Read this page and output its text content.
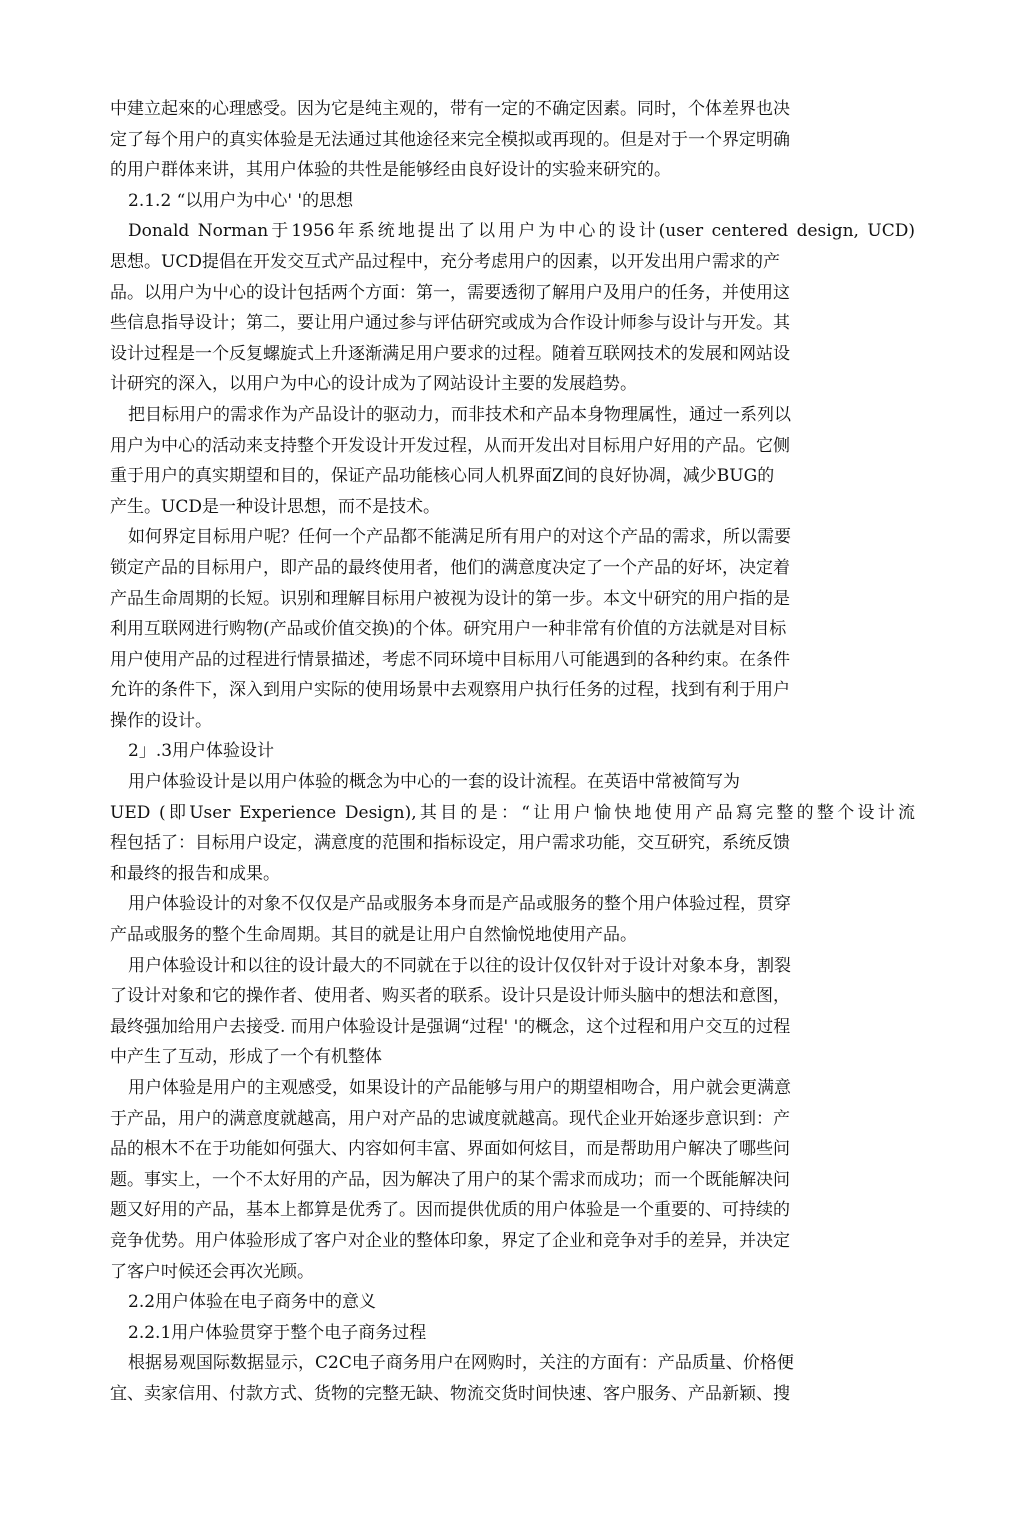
中建立起來的心理感受。因为它是纯主观的，带有一定的不确定因素。同时，个体差界也决
定了每个用户的真实体验是无法通过其他途径来完全模拟或再现的。但是对于一个界定明确
的用户群体来讲，其用户体验的共性是能够经由良好设计的实验来研究的。
2.1.2 “以用户为中心' '的思想
Donald Norman于1956年系统地提出了以用户为中心的设计(user centered design, UCD)
思想。UCD提倡在开发交互式产品过程中，充分考虑用户的因素，以开发出用户需求的产
品。以用户为屮心的设计包括两个方面：第一，需要透彻了解用户及用户的任务，并使用这
些信息指导设计；第二，要让用户通过参与评估研究或成为合作设计师参与设计与开发。其
设计过程是一个反复螺旋式上升逐渐满足用户要求的过程。随着互联网技术的发展和网站设
计研究的深入，以用户为中心的设计成为了网站设计主要的发展趋势。
把目标用户的需求作为产品设计的驱动力，而非技术和产品本身物理属性，通过一系列以
用户为中心的活动来支持整个开发设计开发过程，从而开发出对目标用户好用的产品。它侧
重于用户的真实期望和目的，保证产品功能核心同人机界面Z间的良好协凋，减少BUG的
产生。UCD是一种设计思想，而不是技术。
如何界定目标用户呢？任何一个产品都不能满足所有用户的对这个产品的需求，所以需要
锁定产品的目标用户，即产品的最终使用者，他们的满意度决定了一个产品的好坏，决定着
产品生命周期的长短。识别和理解目标用户被视为设计的第一步。本文屮研究的用户指的是
利用互联网进行购物(产品或价值交换)的个体。研究用户一种非常有价值的方法就是对目标
用户使用产品的过程进行情景描述，考虑不同环境中目标用八可能遇到的各种约束。在条件
允许的条件下，深入到用户实际的使用场景中去观察用户执行任务的过程，找到有利于用户
操作的设计。
2」.3用户体验设计
用户体验设计是以用户体验的概念为中心的一套的设计流程。在英语中常被简写为
UED (即User Experience Design),其目的是：“让用户愉快地使用产品寫完整的整个设计流
程包括了：目标用户设定，满意度的范围和指标设定，用户需求功能，交互研究，系统反馈
和最终的报告和成果。
用户体验设计的对象不仅仅是产品或服务本身而是产品或服务的整个用户体验过程，贯穿
产品或服务的整个生命周期。其目的就是让用户自然愉悦地使用产品。
用户体验设计和以往的设计最大的不同就在于以往的设计仅仅针对于设计对象本身，割裂
了设计对象和它的操作者、使用者、购买者的联系。设计只是设计师头脑中的想法和意图，
最终强加给用户去接受. 而用户体验设计是强调“过程' '的概念，这个过程和用户交互的过程
中产生了互动，形成了一个有机整体
用户体验是用户的主观感受，如果设计的产品能够与用户的期望相吻合，用户就会更满意
于产品，用户的满意度就越高，用户对产品的忠诚度就越高。现代企业开始逐步意识到：产
品的根木不在于功能如何强大、内容如何丰富、界面如何炫目，而是帮助用户解决了哪些问
题。事实上，一个不太好用的产品，因为解决了用户的某个需求而成功；而一个既能解决问
题又好用的产品，基本上都算是优秀了。因而提供优质的用户体验是一个重要的、可持续的
竞争优势。用户体验形成了客户对企业的整体印象，界定了企业和竞争对手的差异，并决定
了客户吋候还会再次光顾。
2.2用户体验在电子商务中的意义
2.2.1用户体验贯穿于整个电子商务过程
根据易观国际数据显示，C2C电子商务用户在网购时，关注的方面有：产品质量、价格便
宜、卖家信用、付款方式、货物的完整无缺、物流交货时间快速、客户服务、产品新颖、搜
